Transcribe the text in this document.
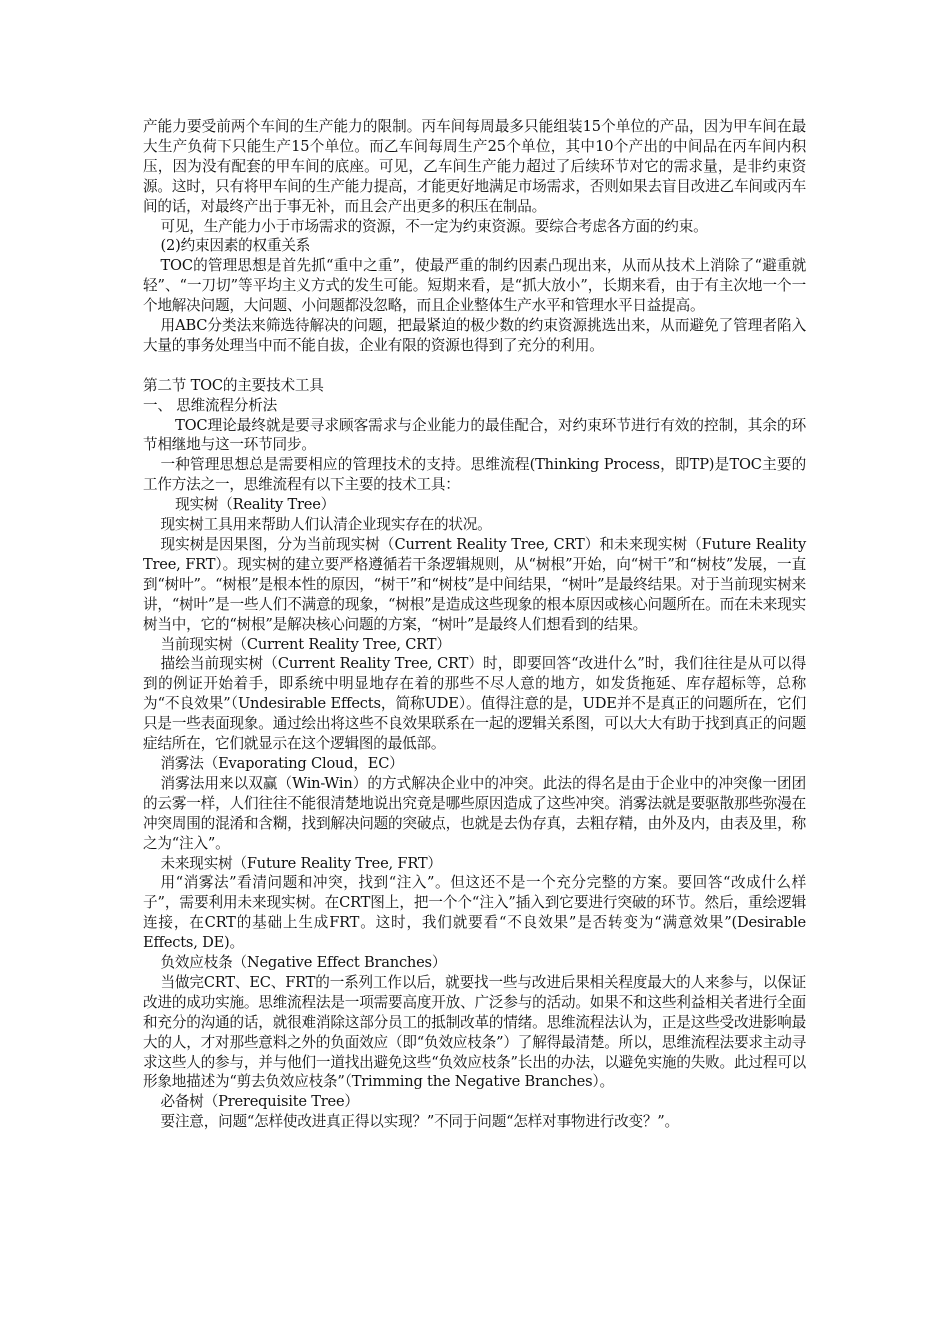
产能力要受前两个车间的生产能力的限制。丙车间每周最多只能组装15个单位的产品，因为甲车间在最大生产负荷下只能生产15个单位。而乙车间每周生产25个单位，其中10个产出的中间品在丙车间内积压，因为没有配套的甲车间的底座。可见，乙车间生产能力超过了后续环节对它的需求量，是非约束资源。这时，只有将甲车间的生产能力提高，才能更好地满足市场需求，否则如果去盲目改进乙车间或丙车间的话，对最终产出于事无补，而且会产出更多的积压在制品。

可见，生产能力小于市场需求的资源，不一定为约束资源。要综合考虑各方面的约束。

(2)约束因素的权重关系

TOC的管理思想是首先抓“重中之重”，使最严重的制约因素凸现出来，从而从技术上消除了“避重就轻”、“一刀切”等平均主义方式的发生可能。短期来看，是“抓大放小”，长期来看，由于有主次地一个一个地解决问题，大问题、小问题都没忽略，而且企业整体生产水平和管理水平日益提高。

用ABC分类法来筛选待解决的问题，把最紧迫的极少数的约束资源挑选出来，从而避免了管理者陷入大量的事务处理当中而不能自拔，企业有限的资源也得到了充分的利用。

第二节 TOC的主要技术工具

一、 思维流程分析法

TOC理论最终就是要寻求顾客需求与企业能力的最佳配合，对约束环节进行有效的控制，其余的环节相继地与这一环节同步。

一种管理思想总是需要相应的管理技术的支持。思维流程(Thinking Process，即TP)是TOC主要的工作方法之一，思维流程有以下主要的技术工具：

现实树（Reality Tree）

现实树工具用来帮助人们认清企业现实存在的状况。

现实树是因果图，分为当前现实树（Current Reality Tree, CRT）和未来现实树（Future Reality Tree, FRT）。现实树的建立要严格遵循若干条逻辑规则，从“树根”开始，向“树干”和“树枝”发展，一直到“树叶”。“树根”是根本性的原因，“树干”和“树枝”是中间结果，“树叶”是最终结果。对于当前现实树来讲，“树叶”是一些人们不满意的现象，“树根”是造成这些现象的根本原因或核心问题所在。而在未来现实树当中，它的“树根”是解决核心问题的方案，“树叶”是最终人们想看到的结果。

当前现实树（Current Reality Tree, CRT）

描绘当前现实树（Current Reality Tree, CRT）时，即要回答“改进什么”时，我们往往是从可以得到的例证开始着手，即系统中明显地存在着的那些不尽人意的地方，如发货拖延、库存超标等，总称为“不良效果”（Undesirable Effects，简称UDE）。值得注意的是，UDE并不是真正的问题所在，它们只是一些表面现象。通过绘出将这些不良效果联系在一起的逻辑关系图，可以大大有助于找到真正的问题症结所在，它们就显示在这个逻辑图的最低部。

消雾法（Evaporating Cloud，EC）

消雾法用来以双赢（Win-Win）的方式解决企业中的冲突。此法的得名是由于企业中的冲突像一团团的云雾一样，人们往往不能很清楚地说出究竟是哪些原因造成了这些冲突。消雾法就是要驱散那些弥漫在冲突周围的混淆和含糊，找到解决问题的突破点，也就是去伪存真，去粗存精，由外及内，由表及里，称之为“注入”。

未来现实树（Future Reality Tree, FRT）

用“消雾法”看清问题和冲突，找到“注入”。但这还不是一个充分完整的方案。要回答“改成什么样子”，需要利用未来现实树。在CRT图上，把一个个“注入”插入到它要进行突破的环节。然后，重绘逻辑连接，在CRT的基础上生成FRT。这时，我们就要看“不良效果”是否转变为“满意效果”(Desirable Effects, DE)。

负效应枝条（Negative Effect Branches）

当做完CRT、EC、FRT的一系列工作以后，就要找一些与改进后果相关程度最大的人来参与，以保证改进的成功实施。思维流程法是一项需要高度开放、广泛参与的活动。如果不和这些利益相关者进行全面和充分的沟通的话，就很难消除这部分员工的抵制改革的情绪。思维流程法认为，正是这些受改进影响最大的人，才对那些意料之外的负面效应（即“负效应枝条”）了解得最清楚。所以，思维流程法要求主动寻求这些人的参与，并与他们一道找出避免这些“负效应枝条”长出的办法，以避免实施的失败。此过程可以形象地描述为“剪去负效应枝条”（Trimming the Negative Branches）。

必备树（Prerequisite Tree）

要注意，问题“怎样使改进真正得以实现？”不同于问题“怎样对事物进行改变？”。
